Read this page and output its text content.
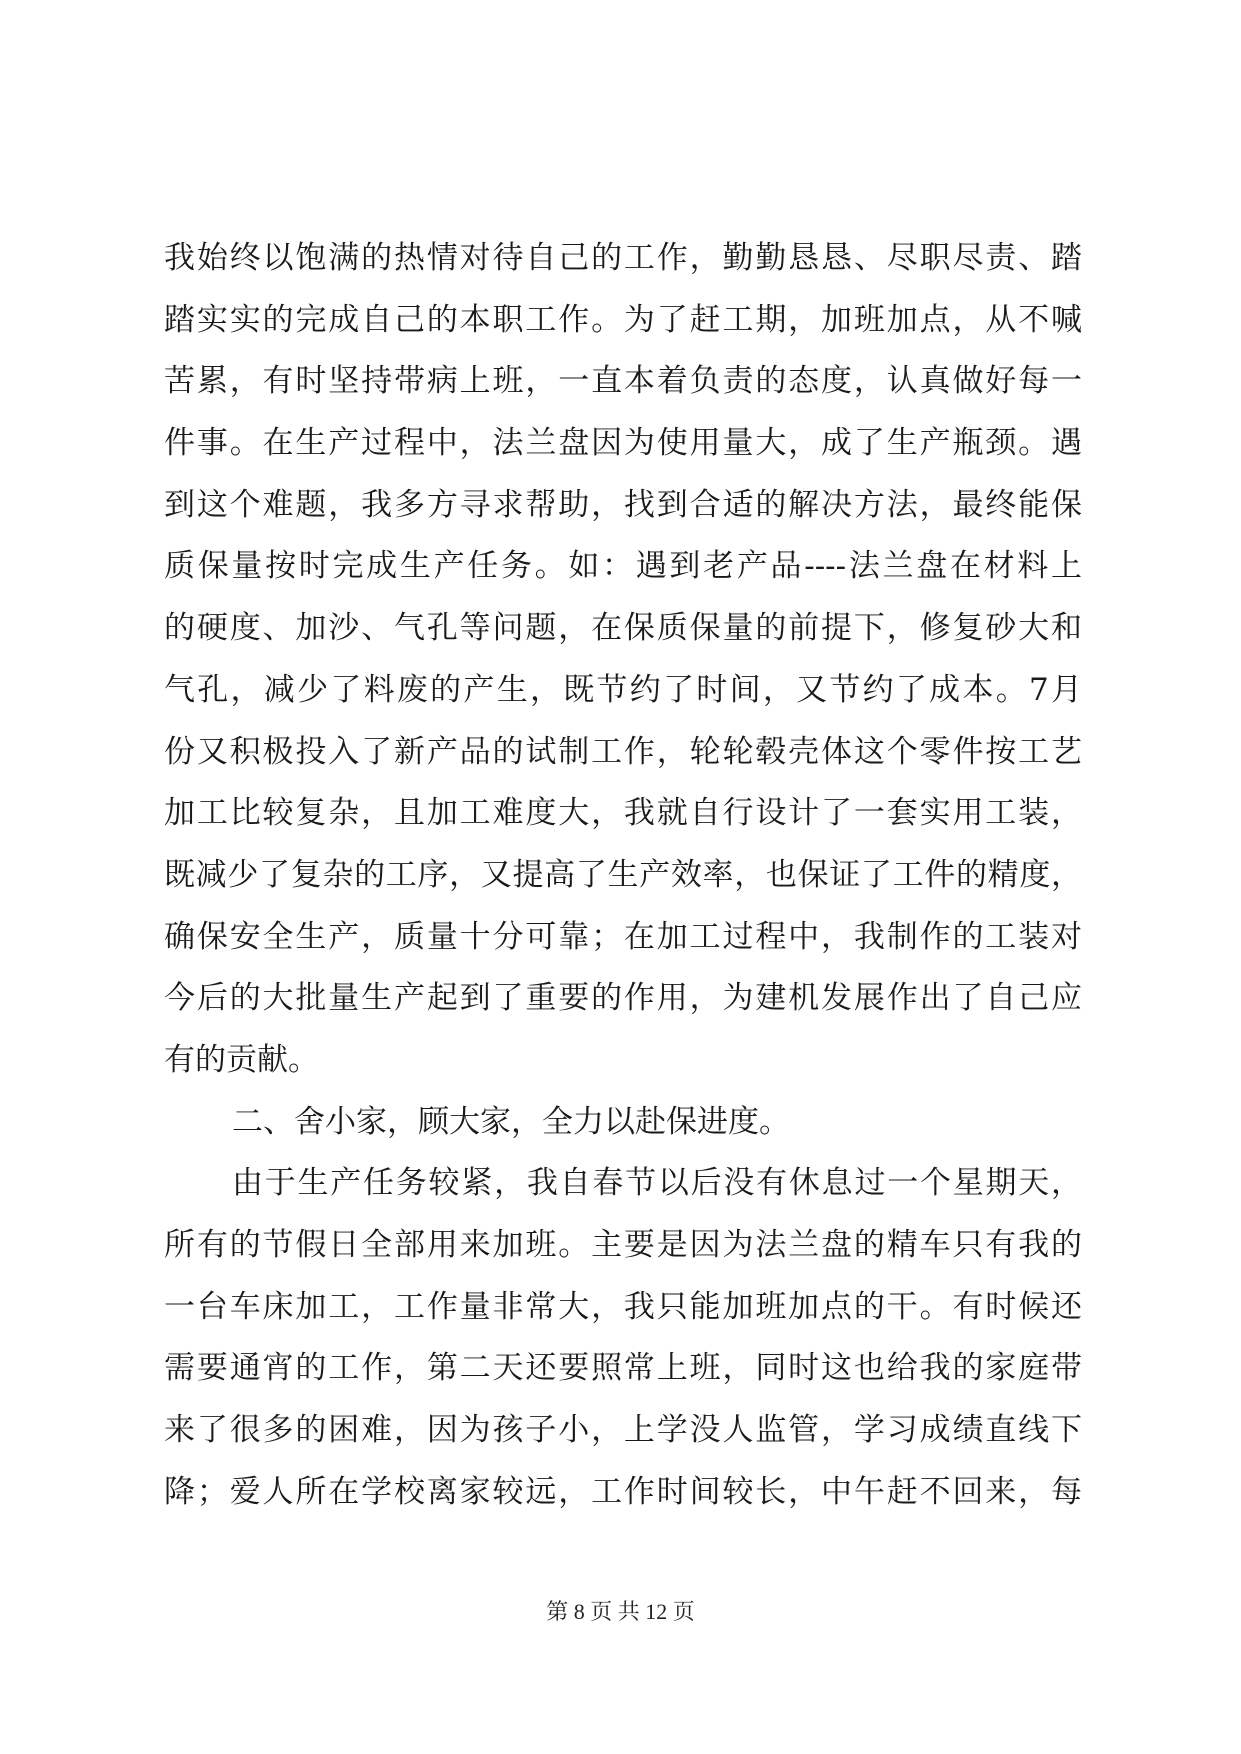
我始终以饱满的热情对待自己的工作，勤勤恳恳、尽职尽责、踏
踏实实的完成自己的本职工作。为了赶工期，加班加点，从不喊
苦累，有时坚持带病上班，一直本着负责的态度，认真做好每一
件事。在生产过程中，法兰盘因为使用量大，成了生产瓶颈。遇
到这个难题，我多方寻求帮助，找到合适的解决方法，最终能保
质保量按时完成生产任务。如：遇到老产品----法兰盘在材料上
的硬度、加沙、气孔等问题，在保质保量的前提下，修复砂大和
气孔，减少了料废的产生，既节约了时间，又节约了成本。7月
份又积极投入了新产品的试制工作，轮轮毂壳体这个零件按工艺
加工比较复杂，且加工难度大，我就自行设计了一套实用工装，
既减少了复杂的工序，又提高了生产效率，也保证了工件的精度，
确保安全生产，质量十分可靠；在加工过程中，我制作的工装对
今后的大批量生产起到了重要的作用，为建机发展作出了自己应
有的贡献。
二、舍小家，顾大家，全力以赴保进度。
由于生产任务较紧，我自春节以后没有休息过一个星期天，
所有的节假日全部用来加班。主要是因为法兰盘的精车只有我的
一台车床加工，工作量非常大，我只能加班加点的干。有时候还
需要通宵的工作，第二天还要照常上班，同时这也给我的家庭带
来了很多的困难，因为孩子小，上学没人监管，学习成绩直线下
降；爱人所在学校离家较远，工作时间较长，中午赶不回来，每
第 8 页 共 12 页
